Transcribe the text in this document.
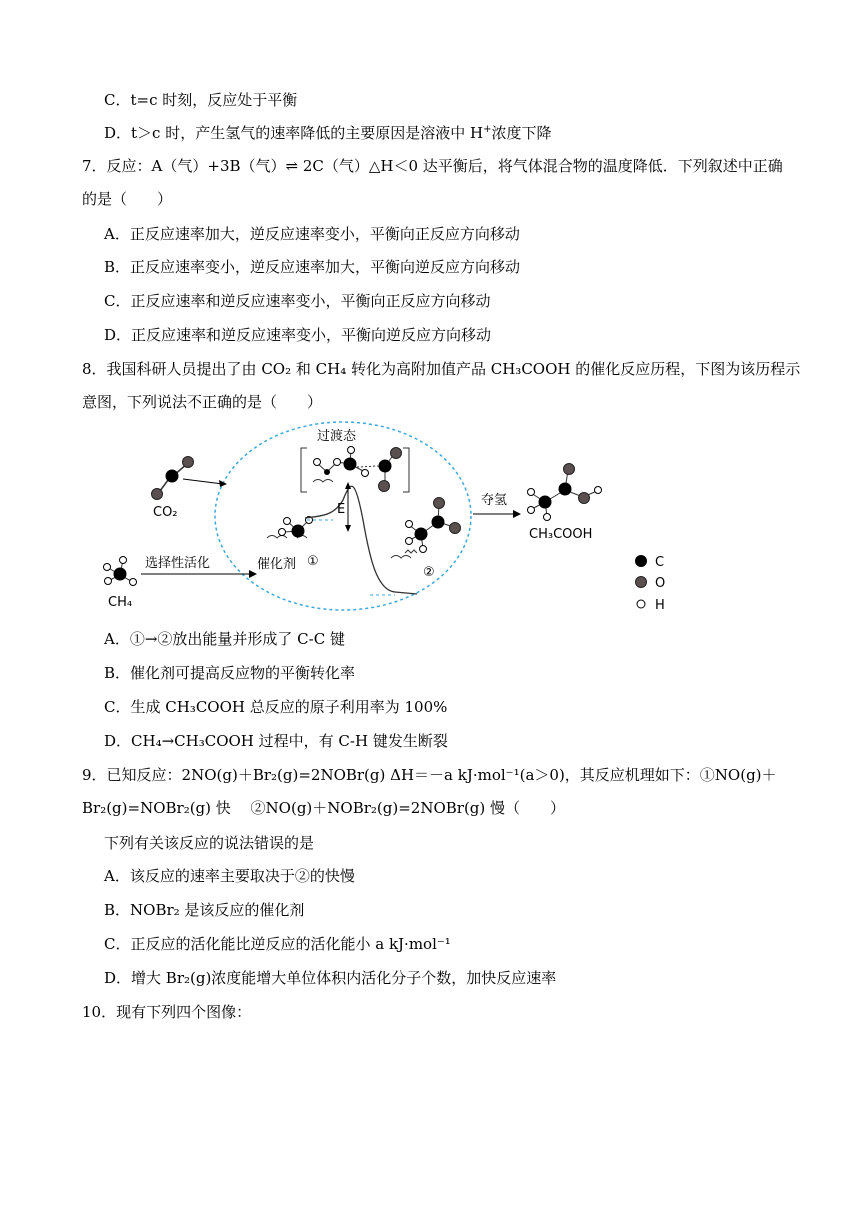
C．t=c 时刻，反应处于平衡
D．t＞c 时，产生氢气的速率降低的主要原因是溶液中 H+浓度下降
7．反应：A（气）+3B（气）⇌ 2C（气）△H＜0 达平衡后，将气体混合物的温度降低．下列叙述中正确
的是（　　）
A．正反应速率加大，逆反应速率变小，平衡向正反应方向移动
B．正反应速率变小，逆反应速率加大，平衡向逆反应方向移动
C．正反应速率和逆反应速率变小，平衡向正反应方向移动
D．正反应速率和逆反应速率变小，平衡向逆反应方向移动
8．我国科研人员提出了由 CO₂ 和 CH₄ 转化为高附加值产品 CH₃COOH 的催化反应历程，下图为该历程示
意图，下列说法不正确的是（　　）
CO₂
CH₄
选择性活化	催化剂 ①
E
过渡态
②
夺氢
CH₃COOH
C
O
H
A．①→②放出能量并形成了 C-C 键
B．催化剂可提高反应物的平衡转化率
C．生成 CH₃COOH 总反应的原子利用率为 100%
D．CH₄→CH₃COOH 过程中，有 C-H 键发生断裂
9．已知反应：2NO(g)＋Br₂(g)=2NOBr(g) ΔH＝－a kJ·mol⁻¹(a＞0)，其反应机理如下：①NO(g)＋
Br₂(g)=NOBr₂(g) 快　 ②NO(g)＋NOBr₂(g)=2NOBr(g) 慢（　　）
下列有关该反应的说法错误的是
A．该反应的速率主要取决于②的快慢
B．NOBr₂ 是该反应的催化剂
C．正反应的活化能比逆反应的活化能小 a kJ·mol⁻¹
D．增大 Br₂(g)浓度能增大单位体积内活化分子个数，加快反应速率
10．现有下列四个图像：
